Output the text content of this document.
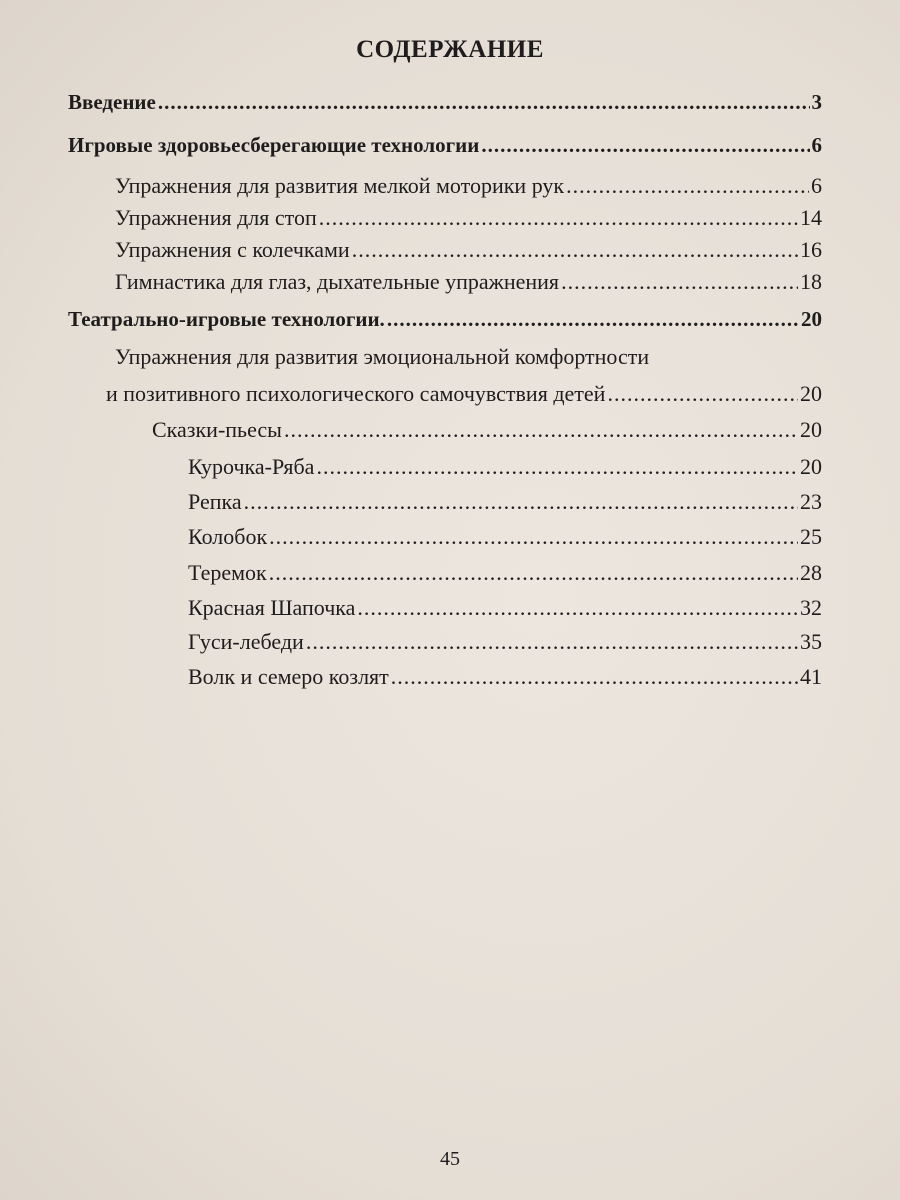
СОДЕРЖАНИЕ
Введение .....	3
Игровые здоровьесберегающие технологии .....	6
Упражнения для развития мелкой моторики рук .....	6
Упражнения для стоп .....	14
Упражнения с колечками .....	16
Гимнастика для глаз, дыхательные упражнения .....	18
Театрально-игровые технологии. .....	20
Упражнения для развития эмоциональной комфортности
и позитивного психологического самочувствия детей .....	20
Сказки-пьесы .....	20
Курочка-Ряба .....	20
Репка .....	23
Колобок .....	25
Теремок .....	28
Красная Шапочка .....	32
Гуси-лебеди .....	35
Волк и семеро козлят .....	41
45
